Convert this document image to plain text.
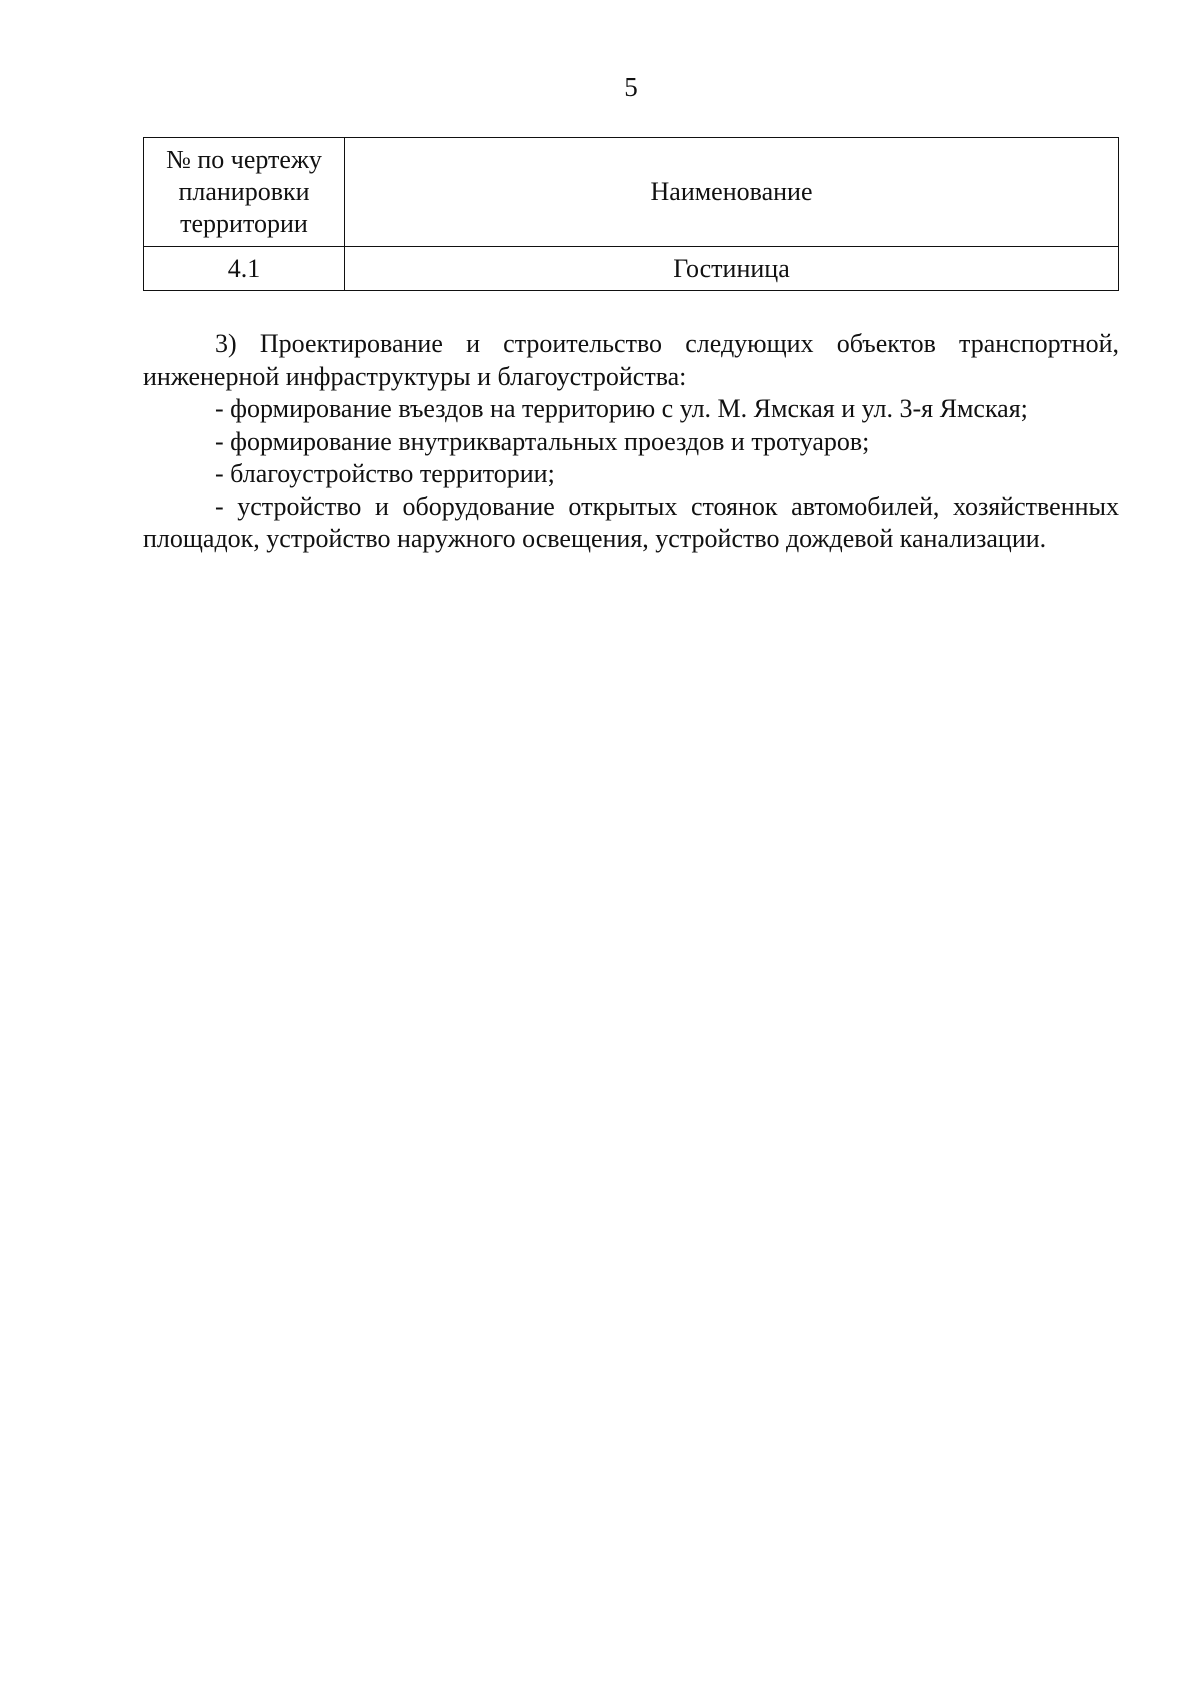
5
№ по чертежу планировки территории	Наименование
4.1	Гостиница

3) Проектирование и строительство следующих объектов транспортной, инженерной инфраструктуры и благоустройства:

- формирование въездов на территорию с ул. М. Ямская и ул. 3-я Ямская;

- формирование внутриквартальных проездов и тротуаров;

- благоустройство территории;

- устройство и оборудование открытых стоянок автомобилей, хозяйственных площадок, устройство наружного освещения, устройство дождевой канализации.
